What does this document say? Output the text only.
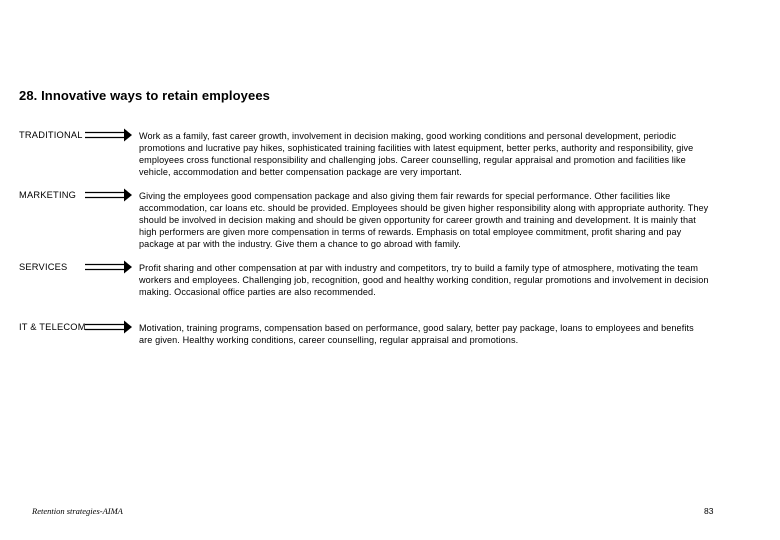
28. Innovative ways to retain employees
TRADITIONAL	Work as a family, fast career growth, involvement in decision making, good working conditions and personal development, periodic promotions and lucrative pay hikes, sophisticated training facilities with latest equipment, better perks, authority and responsibility, give employees cross functional responsibility and challenging jobs. Career counselling, regular appraisal and promotion and facilities like vehicle, accommodation and better compensation package are very important.
MARKETING	Giving the employees good compensation package and also giving them fair rewards for special performance. Other facilities like accommodation, car loans etc. should be provided. Employees should be given higher responsibility along with appropriate authority. They should be involved in decision making and should be given opportunity for career growth and training and development. It is mainly that high performers are given more compensation in terms of rewards. Emphasis on total employee commitment, profit sharing and pay package at par with the industry. Give them a chance to go abroad with family.
SERVICES	Profit sharing and other compensation at par with industry and competitors, try to build a family type of atmosphere, motivating the team workers and employees. Challenging job, recognition, good and healthy working condition, regular promotions and involvement in decision making. Occasional office parties are also recommended.
IT & TELECOM	Motivation, training programs, compensation based on performance, good salary, better pay package, loans to employees and benefits are given. Healthy working conditions, career counselling, regular appraisal and promotions.
Retention strategies-AIMA	83
